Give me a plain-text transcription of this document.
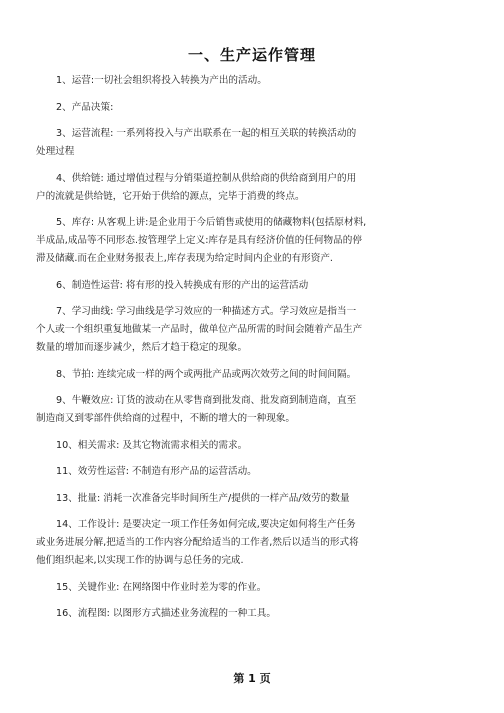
一、生产运作管理

1、运营:一切社会组织将投入转换为产出的活动。

2、产品决策:

3、运营流程: 一系列将投入与产出联系在一起的相互关联的转换活动的
处理过程

4、供给链: 通过增值过程与分销渠道控制从供给商的供给商到用户的用
户的流就是供给链，它开始于供给的源点，完毕于消费的终点。

5、库存: 从客观上讲:是企业用于今后销售或使用的储藏物料(包括原材料,
半成品,成品等不同形态.按管理学上定义:库存是具有经济价值的任何物品的停
滞及储藏.而在企业财务报表上,库存表现为给定时间内企业的有形资产.

6、制造性运营: 将有形的投入转换成有形的产出的运营活动

7、学习曲线: 学习曲线是学习效应的一种描述方式。学习效应是指当一
个人或一个组织重复地做某一产品时，做单位产品所需的时间会随着产品生产
数量的增加而逐步减少，然后才趋于稳定的现象。

8、节拍: 连续完成一样的两个或两批产品或两次效劳之间的时间间隔。

9、牛鞭效应: 订货的波动在从零售商到批发商、批发商到制造商，直至
制造商又到零部件供给商的过程中，不断的增大的一种现象。

10、相关需求: 及其它物流需求相关的需求。

11、效劳性运营: 不制造有形产品的运营活动。

13、批量: 消耗一次准备完毕时间所生产/提供的一样产品/效劳的数量

14、工作设计: 是要决定一项工作任务如何完成,要决定如何将生产任务
或业务进展分解,把适当的工作内容分配给适当的工作者,然后以适当的形式将
他们组织起来,以实现工作的协调与总任务的完成.

15、关键作业: 在网络图中作业时差为零的作业。

16、流程图: 以图形方式描述业务流程的一种工具。

第 1 页
